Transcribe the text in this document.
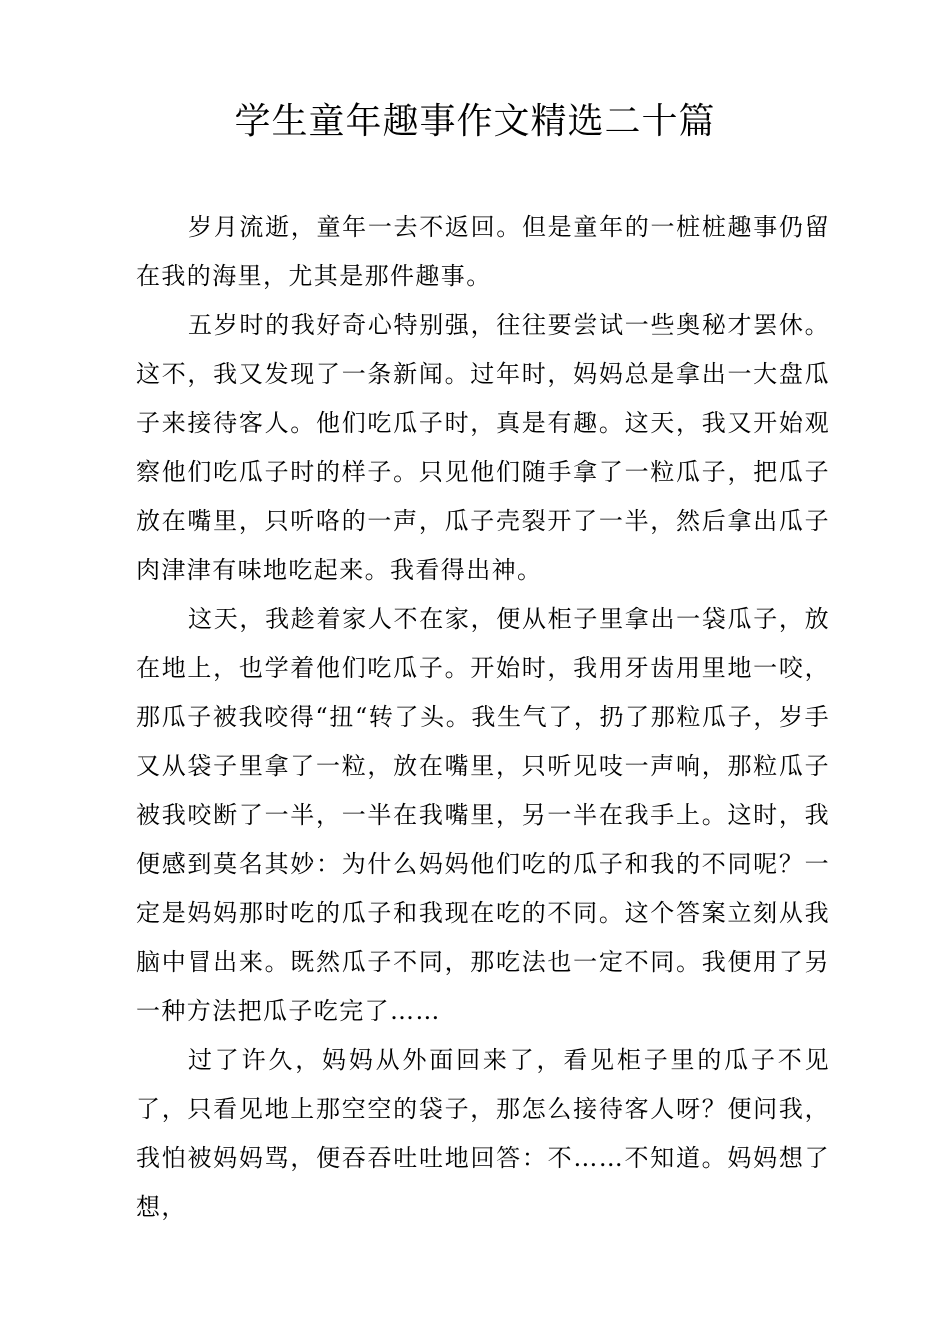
学生童年趣事作文精选二十篇

岁月流逝，童年一去不返回。但是童年的一桩桩趣事仍留在我的海里，尤其是那件趣事。

五岁时的我好奇心特别强，往往要尝试一些奥秘才罢休。这不，我又发现了一条新闻。过年时，妈妈总是拿出一大盘瓜子来接待客人。他们吃瓜子时，真是有趣。这天，我又开始观察他们吃瓜子时的样子。只见他们随手拿了一粒瓜子，把瓜子放在嘴里，只听咯的一声，瓜子壳裂开了一半，然后拿出瓜子肉津津有味地吃起来。我看得出神。

这天，我趁着家人不在家，便从柜子里拿出一袋瓜子，放在地上，也学着他们吃瓜子。开始时，我用牙齿用里地一咬，那瓜子被我咬得“扭“转了头。我生气了，扔了那粒瓜子，岁手又从袋子里拿了一粒，放在嘴里，只听见吱一声响，那粒瓜子被我咬断了一半，一半在我嘴里，另一半在我手上。这时，我便感到莫名其妙：为什么妈妈他们吃的瓜子和我的不同呢？一定是妈妈那时吃的瓜子和我现在吃的不同。这个答案立刻从我脑中冒出来。既然瓜子不同，那吃法也一定不同。我便用了另一种方法把瓜子吃完了……

过了许久，妈妈从外面回来了，看见柜子里的瓜子不见了，只看见地上那空空的袋子，那怎么接待客人呀？便问我，我怕被妈妈骂，便吞吞吐吐地回答：不……不知道。妈妈想了想，
